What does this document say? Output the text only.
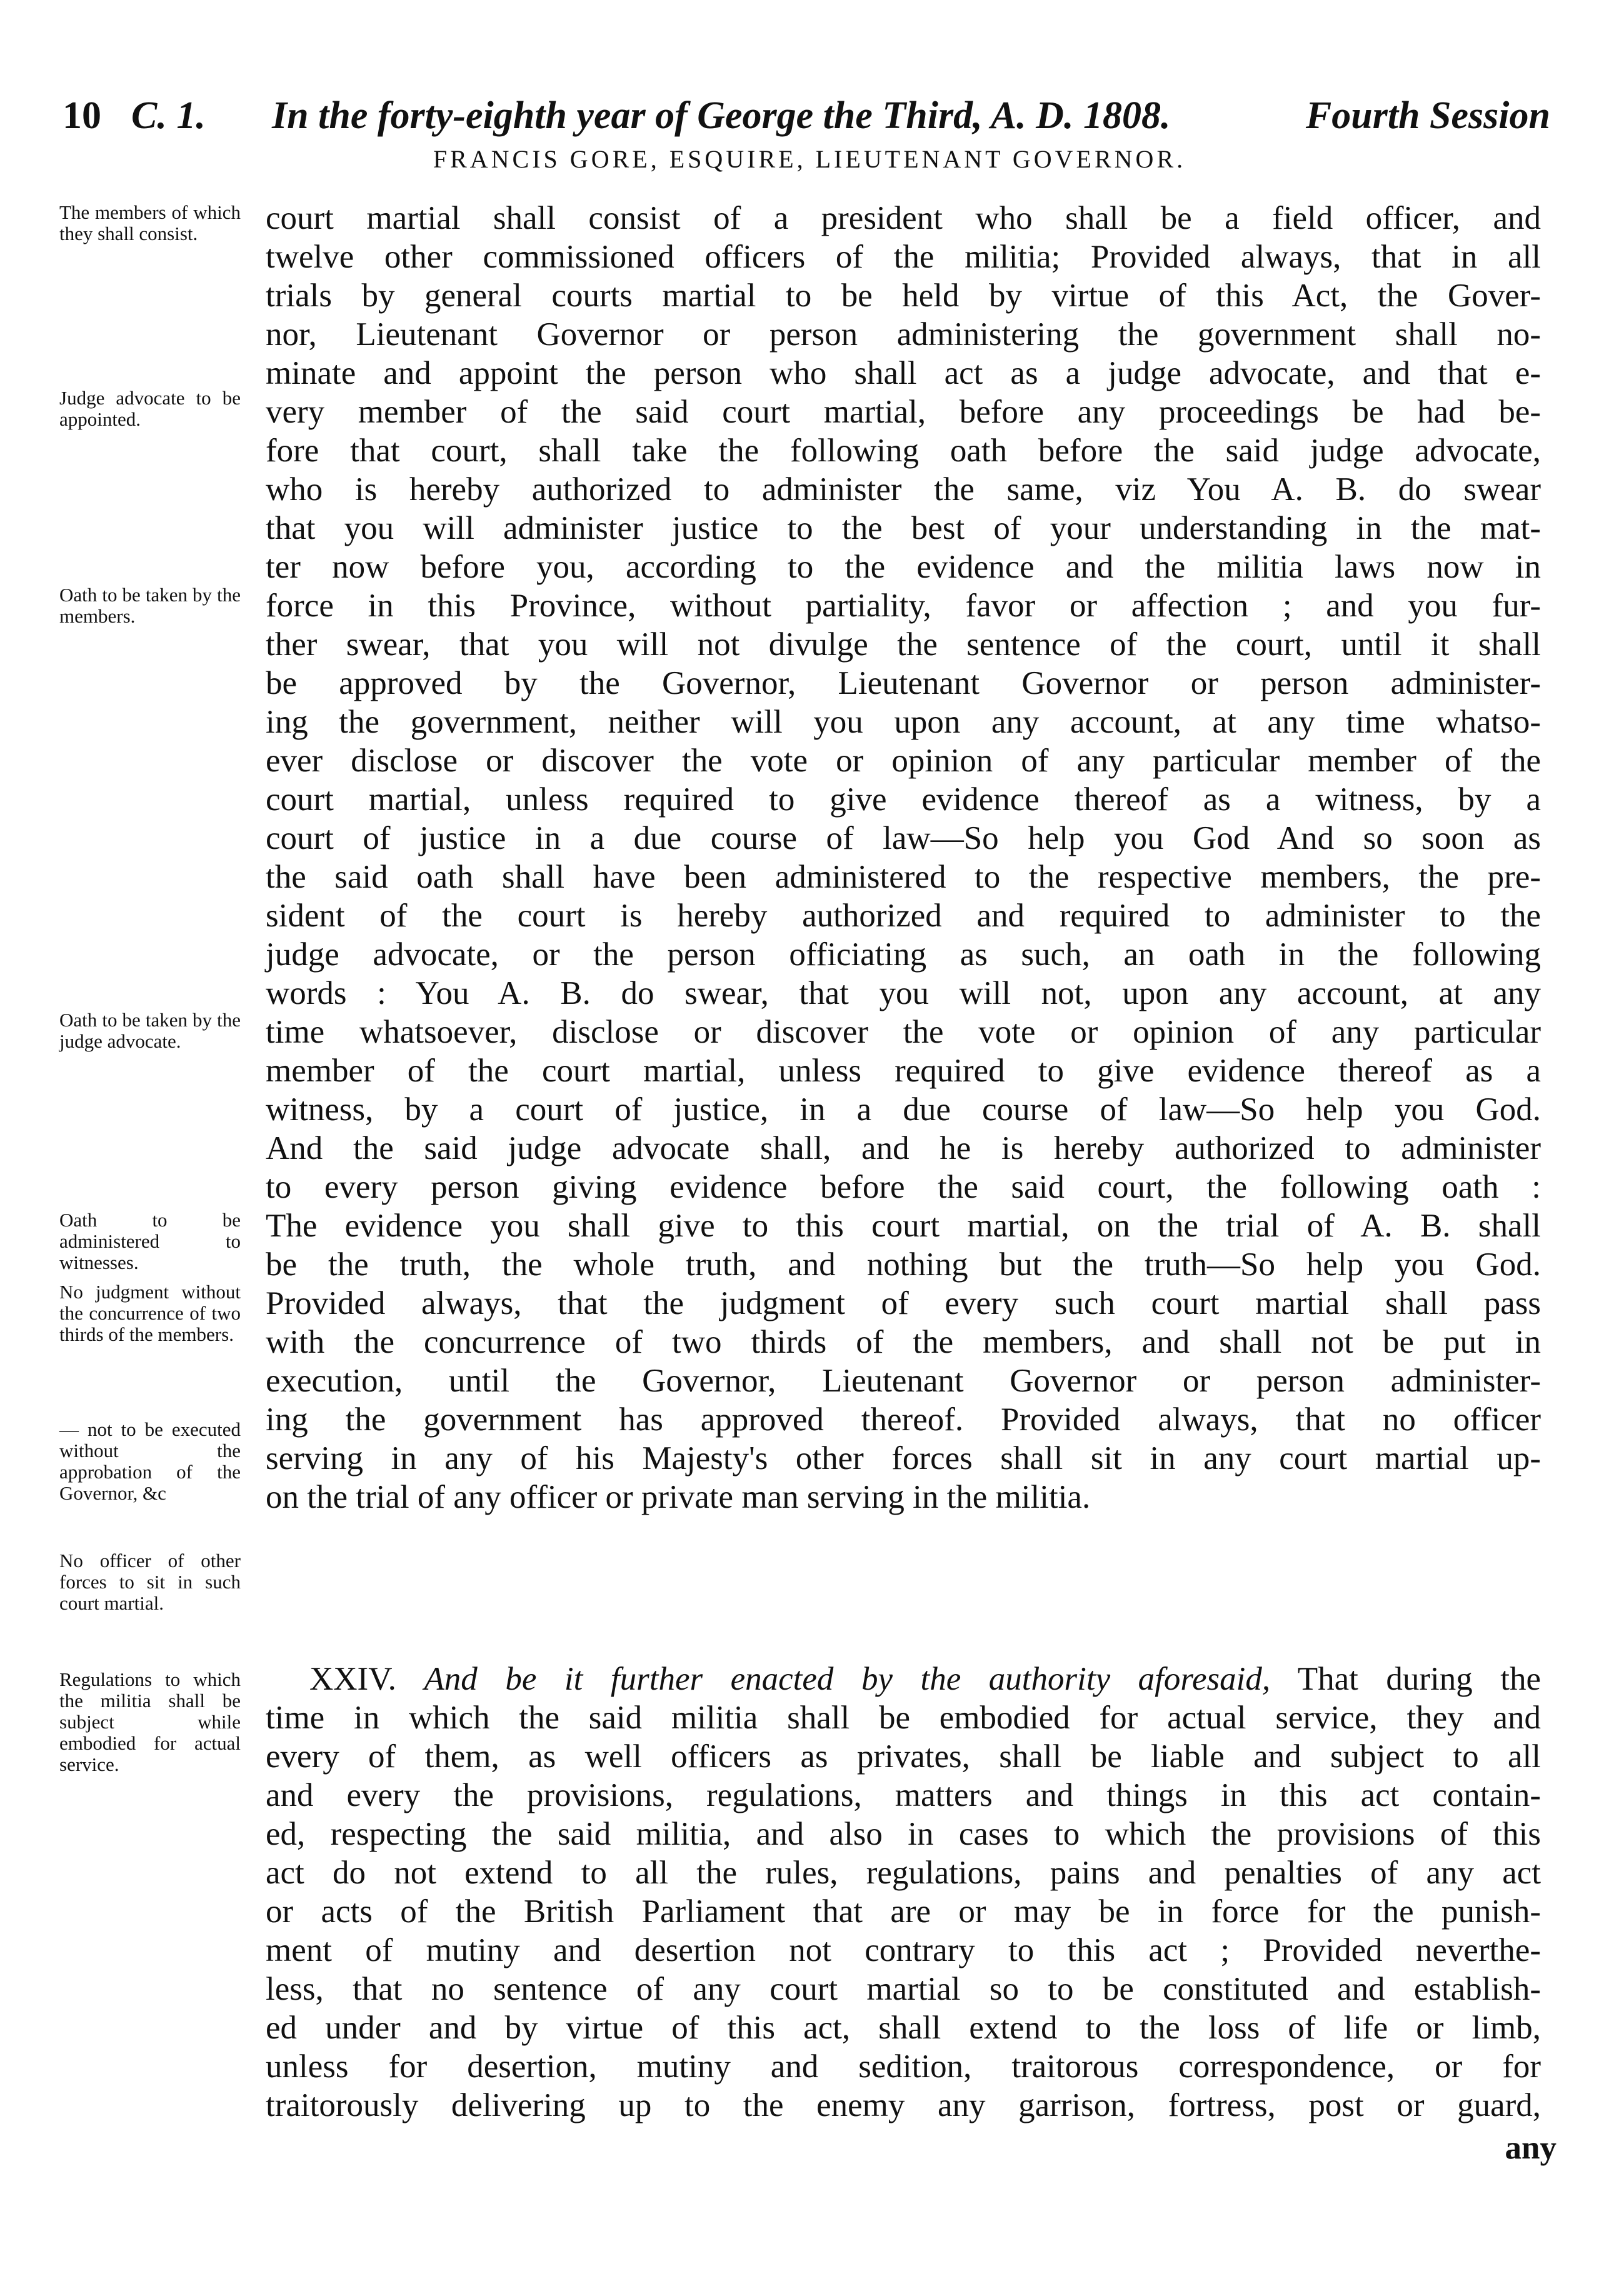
10 C. 1. In the forty-eighth year of George the Third, A. D. 1808.	Fourth Session
FRANCIS GORE, ESQUIRE, LIEUTENANT GOVERNOR.
The members of which they shall consist.
Judge advocate to be appointed.
Oath to be taken by the members.
Oath to be taken by the judge advocate.
Oath to be administered to witnesses.
No judgment without the concurrence of two thirds of the members.
— not to be executed without the approbation of the Governor, &c
No officer of other forces to sit in such court martial.
Regulations to which the militia shall be subject while embodied for actual service.
court martial shall consist of a president who shall be a field officer, and
twelve other commissioned officers of the militia; Provided always, that in all
trials by general courts martial to be held by virtue of this Act, the Gover-
nor, Lieutenant Governor or person administering the government shall no-
minate and appoint the person who shall act as a judge advocate, and that e-
very member of the said court martial, before any proceedings be had be-
fore that court, shall take the following oath before the said judge advocate,
who is hereby authorized to administer the same, viz You A. B. do swear
that you will administer justice to the best of your understanding in the mat-
ter now before you, according to the evidence and the militia laws now in
force in this Province, without partiality, favor or affection ; and you fur-
ther swear, that you will not divulge the sentence of the court, until it shall
be approved by the Governor, Lieutenant Governor or person administer-
ing the government, neither will you upon any account, at any time whatso-
ever disclose or discover the vote or opinion of any particular member of the
court martial, unless required to give evidence thereof as a witness, by a
court of justice in a due course of law—So help you God And so soon as
the said oath shall have been administered to the respective members, the pre-
sident of the court is hereby authorized and required to administer to the
judge advocate, or the person officiating as such, an oath in the following
words : You A. B. do swear, that you will not, upon any account, at any
time whatsoever, disclose or discover the vote or opinion of any particular
member of the court martial, unless required to give evidence thereof as a
witness, by a court of justice, in a due course of law—So help you God.
And the said judge advocate shall, and he is hereby authorized to administer
to every person giving evidence before the said court, the following oath :
The evidence you shall give to this court martial, on the trial of A. B. shall
be the truth, the whole truth, and nothing but the truth—So help you God.
Provided always, that the judgment of every such court martial shall pass
with the concurrence of two thirds of the members, and shall not be put in
execution, until the Governor, Lieutenant Governor or person administer-
ing the government has approved thereof. Provided always, that no officer
serving in any of his Majesty's other forces shall sit in any court martial up-
on the trial of any officer or private man serving in the militia.
XXIV. And be it further enacted by the authority aforesaid, That during the
time in which the said militia shall be embodied for actual service, they and
every of them, as well officers as privates, shall be liable and subject to all
and every the provisions, regulations, matters and things in this act contain-
ed, respecting the said militia, and also in cases to which the provisions of this
act do not extend to all the rules, regulations, pains and penalties of any act
or acts of the British Parliament that are or may be in force for the punish-
ment of mutiny and desertion not contrary to this act ; Provided neverthe-
less, that no sentence of any court martial so to be constituted and establish-
ed under and by virtue of this act, shall extend to the loss of life or limb,
unless for desertion, mutiny and sedition, traitorous correspondence, or for
traitorously delivering up to the enemy any garrison, fortress, post or guard,
any
